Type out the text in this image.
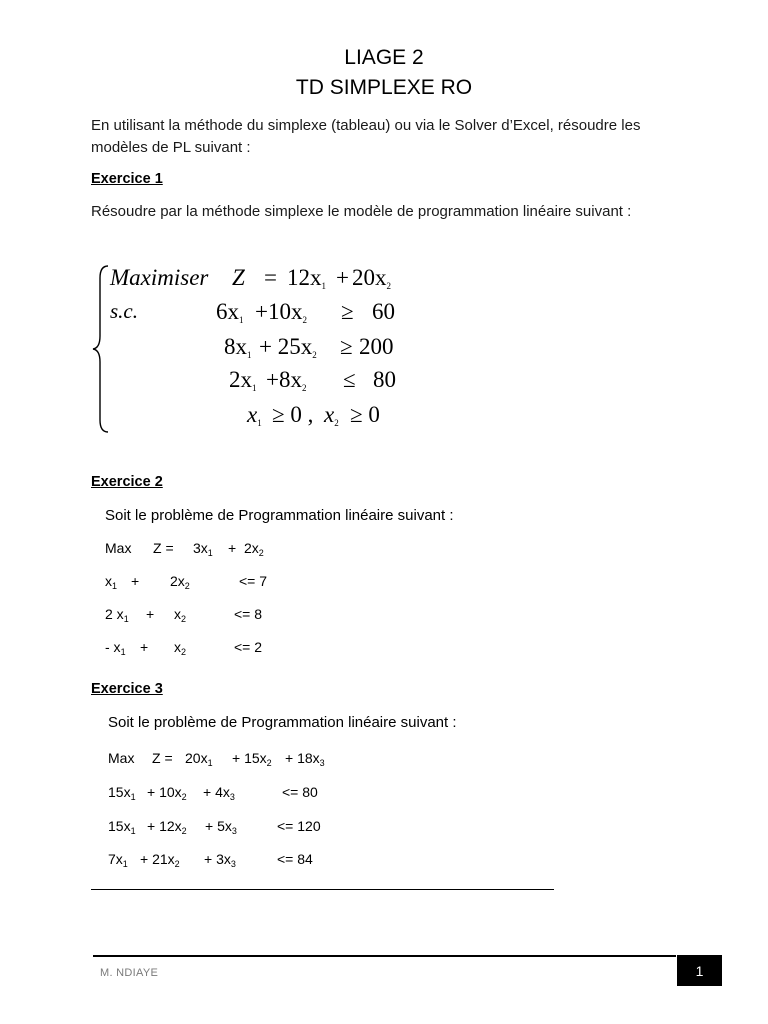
LIAGE 2
TD SIMPLEXE RO
En utilisant la méthode du simplexe (tableau) ou via le Solver d’Excel, résoudre les modèles de PL suivant :
Exercice 1
Résoudre par la méthode simplexe le modèle de programmation linéaire suivant :
Maximiser $Z = 12x_1 + 20x_2$
s.c.	$6x_1 +10x_2 \ge 60$
$8x_1 + 25x_2 \ge 200$
$2x_1 +8x_2 \le 80$
$x_1 \ge 0$ , $x_2 \ge 0$
Exercice 2
Soit le problème de Programmation linéaire suivant :
Max $Z = 3x_1 + 2x_2$
$x_1 + 2x_2$	<= 7
2 $x_1 + x_2$	<= 8
- $x_1 + x_2$	<= 2
Exercice 3
Soit le problème de Programmation linéaire suivant :
Max $Z = 20x_1 + 15x_2 + 18x_3$
$15x_1 + 10x_2 + 4x_3$	<= 80
$15x_1 + 12x_2 + 5x_3$	<= 120
$7x_1 + 21x_2 + 3x_3$	<= 84
M. NDIAYE	1
